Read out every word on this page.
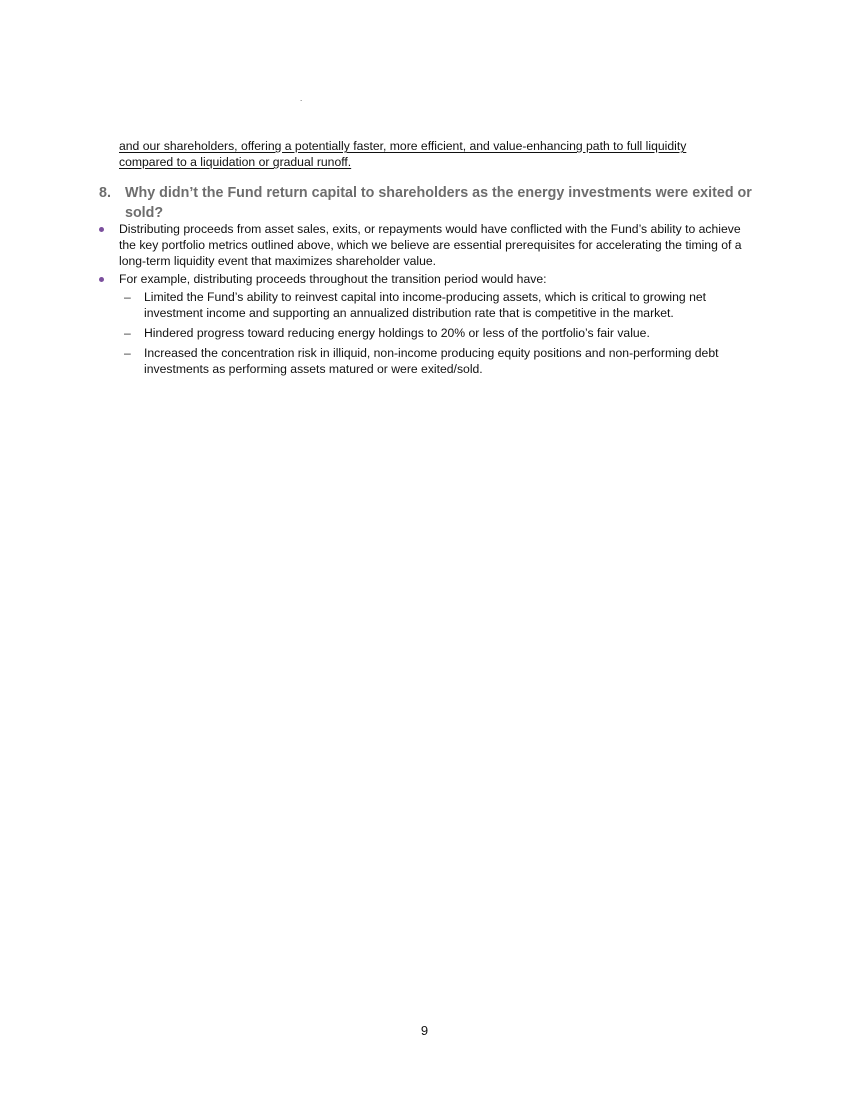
.
and our shareholders, offering a potentially faster, more efficient, and value-enhancing path to full liquidity
compared to a liquidation or gradual runoff.
8. Why didn’t the Fund return capital to shareholders as the energy investments were exited or sold?
Distributing proceeds from asset sales, exits, or repayments would have conflicted with the Fund’s ability to achieve the key portfolio metrics outlined above, which we believe are essential prerequisites for accelerating the timing of a long-term liquidity event that maximizes shareholder value.
For example, distributing proceeds throughout the transition period would have:
– Limited the Fund’s ability to reinvest capital into income-producing assets, which is critical to growing net investment income and supporting an annualized distribution rate that is competitive in the market.
– Hindered progress toward reducing energy holdings to 20% or less of the portfolio’s fair value.
– Increased the concentration risk in illiquid, non-income producing equity positions and non-performing debt investments as performing assets matured or were exited/sold.
9
